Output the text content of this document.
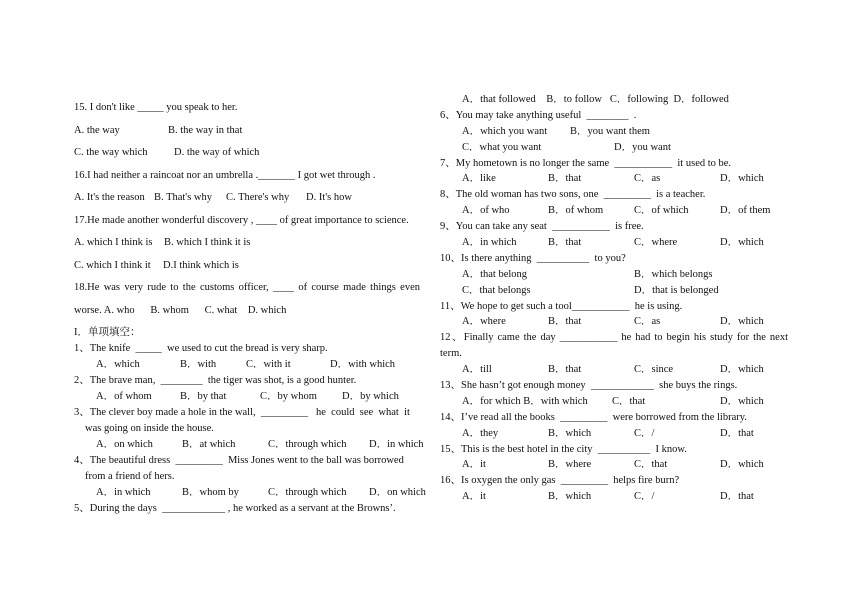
15. I don't like _____ you speak to her.
A. the way	B. the way in that
C. the way which	D. the way of which
16.I had neither a raincoat nor an umbrella ._______ I got wet through .
A. It's the reason B. That's why C. There's why D. It's how
17.He made another wonderful discovery , ____ of great importance to science.
A. which I think is B. which I think it is
C. which I think it D.I think which is
18.He was very rude to the customs officer, ____ of course made things even
worse. A. who      B. whom      C. what    D. which
I．单项填空：
1、The knife  _____  we used to cut the bread is very sharp.
A．which	B．with	C．with it	D．with which
2、The brave man,  ________  the tiger was shot, is a good hunter.
A．of whom	B．by that	C．by whom D．by which
3、The clever boy made a hole in the wall,  _________   he  could  see  what  it
was going on inside the house.
A．on which	B．at which	C．through which D．in which
4、The beautiful dress  _________  Miss Jones went to the ball was borrowed
from a friend of hers.
A．in which	B．whom by	C．through which D．on which
5、During the days  ____________ , he worked as a servant at the Browns’.
A．that followed    B．to follow   C．following  D．followed
6、You may take anything useful  ________  .
A．which you want B．you want them
C．what you want	D．you want
7、My hometown is no longer the same  ___________  it used to be.
A．like	B．that	C．as	D．which
8、The old woman has two sons, one  _________  is a teacher.
A．of who	B．of whom	C．of which	D．of them
9、You can take any seat  ___________  is free.
A．in which	B．that	C．where	D．which
10、Is there anything  __________  to you?
A．that belong	B．which belongs
C．that belongs	D．that is belonged
11、We hope to get such a tool___________  he is using.
A．where	B．that	C．as	D．which
12、Finally came the day ___________ he had to begin his study for the next
term.
A．till	B．that	C．since	D．which
13、She hasn’t got enough money  ____________  she buys the rings.
A．for which B．with which C．that	D．which
14、I’ve read all the books  _________  were borrowed from the library.
A．they	B．which	C．/	D．that
15、This is the best hotel in the city  __________  I know.
A．it	B．where	C．that	D．which
16、Is oxygen the only gas  _________  helps fire burn?
A．it	B．which	C．/	D．that
